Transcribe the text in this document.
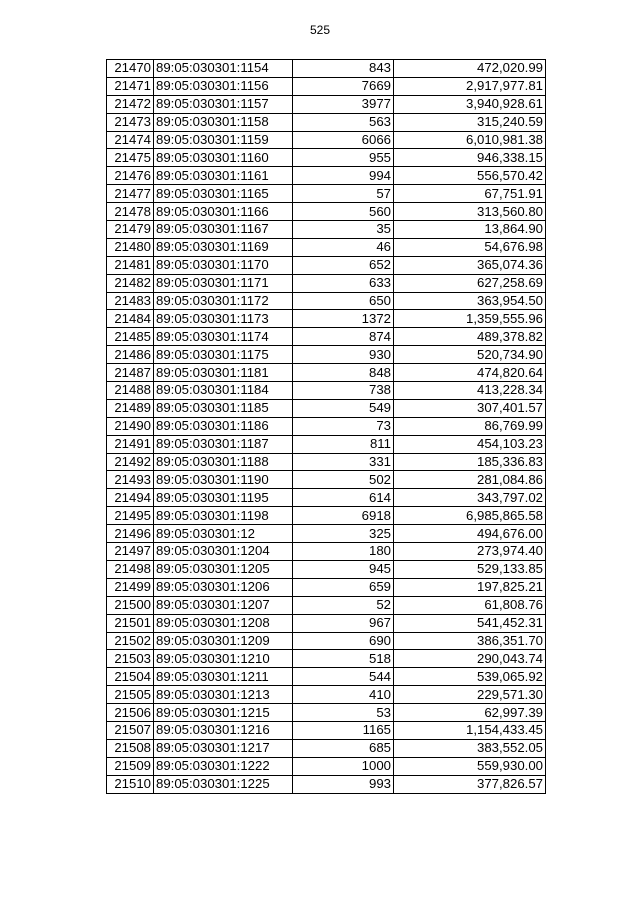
525
21470	89:05:030301:1154	843	472,020.99
21471	89:05:030301:1156	7669	2,917,977.81
21472	89:05:030301:1157	3977	3,940,928.61
21473	89:05:030301:1158	563	315,240.59
21474	89:05:030301:1159	6066	6,010,981.38
21475	89:05:030301:1160	955	946,338.15
21476	89:05:030301:1161	994	556,570.42
21477	89:05:030301:1165	57	67,751.91
21478	89:05:030301:1166	560	313,560.80
21479	89:05:030301:1167	35	13,864.90
21480	89:05:030301:1169	46	54,676.98
21481	89:05:030301:1170	652	365,074.36
21482	89:05:030301:1171	633	627,258.69
21483	89:05:030301:1172	650	363,954.50
21484	89:05:030301:1173	1372	1,359,555.96
21485	89:05:030301:1174	874	489,378.82
21486	89:05:030301:1175	930	520,734.90
21487	89:05:030301:1181	848	474,820.64
21488	89:05:030301:1184	738	413,228.34
21489	89:05:030301:1185	549	307,401.57
21490	89:05:030301:1186	73	86,769.99
21491	89:05:030301:1187	811	454,103.23
21492	89:05:030301:1188	331	185,336.83
21493	89:05:030301:1190	502	281,084.86
21494	89:05:030301:1195	614	343,797.02
21495	89:05:030301:1198	6918	6,985,865.58
21496	89:05:030301:12	325	494,676.00
21497	89:05:030301:1204	180	273,974.40
21498	89:05:030301:1205	945	529,133.85
21499	89:05:030301:1206	659	197,825.21
21500	89:05:030301:1207	52	61,808.76
21501	89:05:030301:1208	967	541,452.31
21502	89:05:030301:1209	690	386,351.70
21503	89:05:030301:1210	518	290,043.74
21504	89:05:030301:1211	544	539,065.92
21505	89:05:030301:1213	410	229,571.30
21506	89:05:030301:1215	53	62,997.39
21507	89:05:030301:1216	1165	1,154,433.45
21508	89:05:030301:1217	685	383,552.05
21509	89:05:030301:1222	1000	559,930.00
21510	89:05:030301:1225	993	377,826.57
